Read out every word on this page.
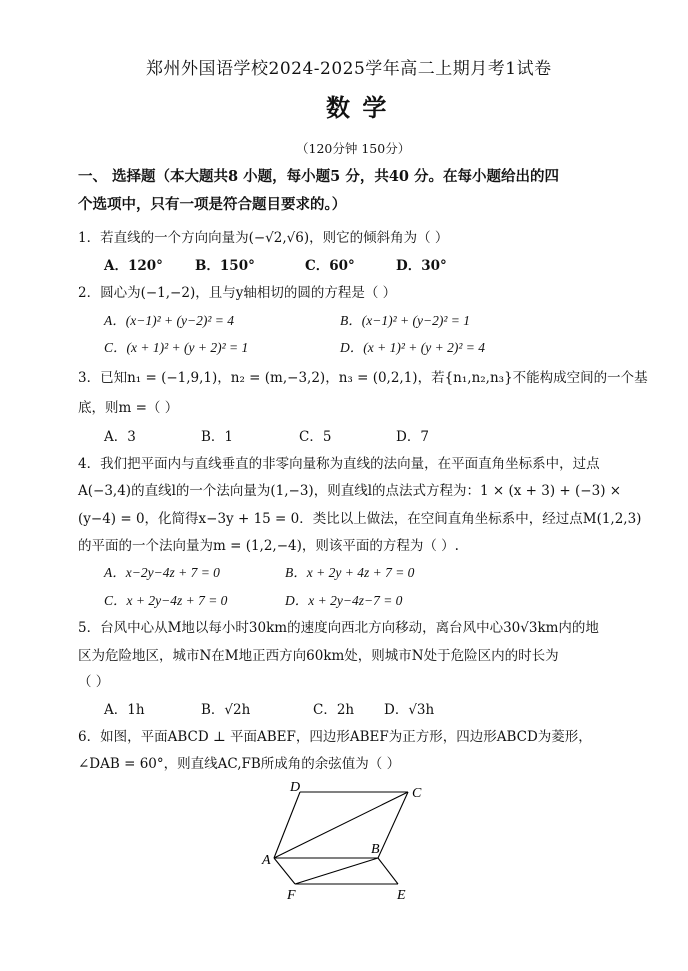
郑州外国语学校2024-2025学年高二上期月考1试卷
数 学
（120分钟 150分）
一、 选择题（本大题共8 小题，每小题5 分，共40 分。在每小题给出的四
个选项中，只有一项是符合题目要求的。）
1．若直线的一个方向向量为(−√2,√6)，则它的倾斜角为（ ）
A．120° B．150°	C．60°	D．30°
2．圆心为(−1,−2)，且与y轴相切的圆的方程是（ ）
A．(x−1)² + (y−2)² = 4	B．(x−1)² + (y−2)² = 1
C．(x + 1)² + (y + 2)² = 1	D．(x + 1)² + (y + 2)² = 4
3．已知n₁ = (−1,9,1)，n₂ = (m,−3,2)，n₃ = (0,2,1)，若{n₁,n₂,n₃}不能构成空间的一个基
底，则m =（ ）
A．3	B．1	C．5	D．7
4．我们把平面内与直线垂直的非零向量称为直线的法向量，在平面直角坐标系中，过点
A(−3,4)的直线l的一个法向量为(1,−3)，则直线l的点法式方程为：1 × (x + 3) + (−3) ×
(y−4) = 0，化简得x−3y + 15 = 0．类比以上做法，在空间直角坐标系中，经过点M(1,2,3)
的平面的一个法向量为m = (1,2,−4)，则该平面的方程为（ ）.
A．x−2y−4z + 7 = 0	B．x + 2y + 4z + 7 = 0
C．x + 2y−4z + 7 = 0	D．x + 2y−4z−7 = 0
5．台风中心从M地以每小时30km的速度向西北方向移动，离台风中心30√3km内的地
区为危险地区，城市N在M地正西方向60km处，则城市N处于危险区内的时长为
（ ）
A．1h	B．√2h	C．2h D．√3h
6．如图，平面ABCD ⊥ 平面ABEF，四边形ABEF为正方形，四边形ABCD为菱形，
∠DAB = 60°，则直线AC,FB所成角的余弦值为（ ）
D	C
A
B
F	E
